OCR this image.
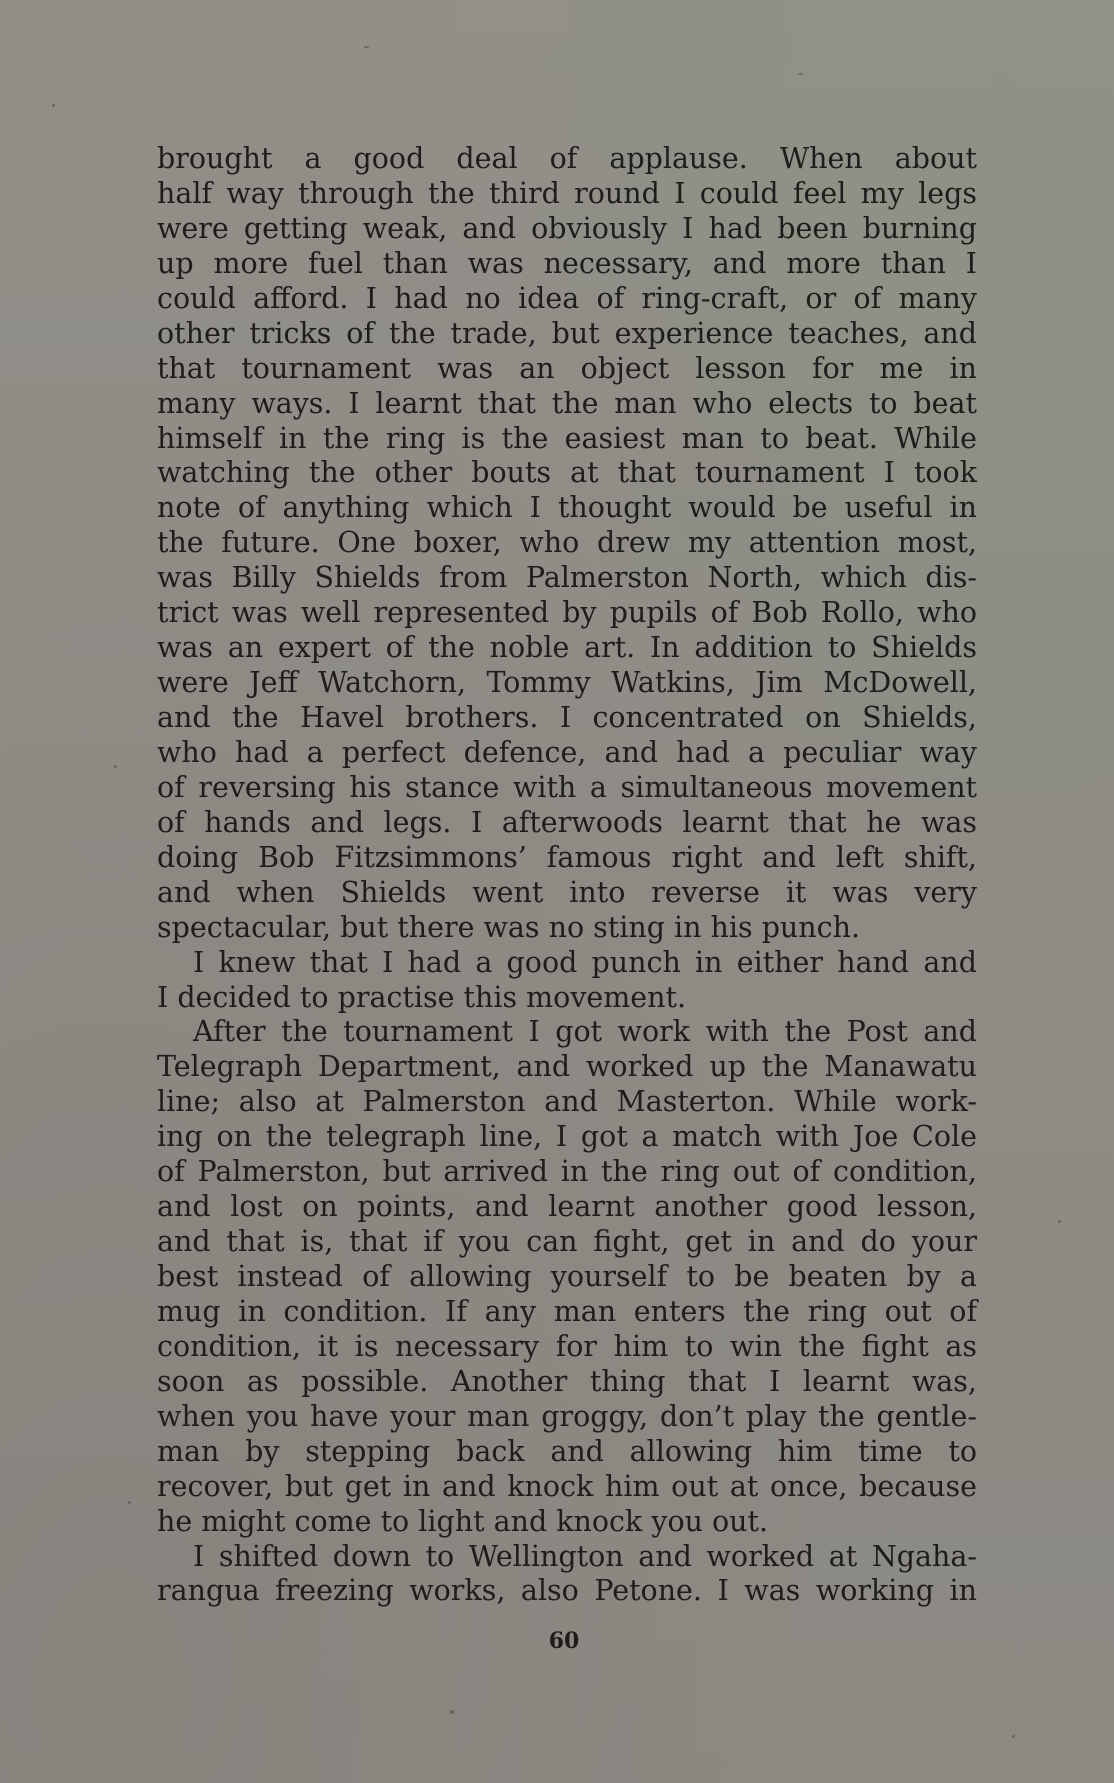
brought a good deal of applause. When about
half way through the third round I could feel my legs
were getting weak, and obviously I had been burning
up more fuel than was necessary, and more than I
could afford. I had no idea of ring-craft, or of many
other tricks of the trade, but experience teaches, and
that tournament was an object lesson for me in
many ways. I learnt that the man who elects to beat
himself in the ring is the easiest man to beat. While
watching the other bouts at that tournament I took
note of anything which I thought would be useful in
the future. One boxer, who drew my attention most,
was Billy Shields from Palmerston North, which dis-
trict was well represented by pupils of Bob Rollo, who
was an expert of the noble art. In addition to Shields
were Jeff Watchorn, Tommy Watkins, Jim McDowell,
and the Havel brothers. I concentrated on Shields,
who had a perfect defence, and had a peculiar way
of reversing his stance with a simultaneous movement
of hands and legs. I afterwoods learnt that he was
doing Bob Fitzsimmons’ famous right and left shift,
and when Shields went into reverse it was very
spectacular, but there was no sting in his punch.
I knew that I had a good punch in either hand and
I decided to practise this movement.
After the tournament I got work with the Post and
Telegraph Department, and worked up the Manawatu
line; also at Palmerston and Masterton. While work-
ing on the telegraph line, I got a match with Joe Cole
of Palmerston, but arrived in the ring out of condition,
and lost on points, and learnt another good lesson,
and that is, that if you can fight, get in and do your
best instead of allowing yourself to be beaten by a
mug in condition. If any man enters the ring out of
condition, it is necessary for him to win the fight as
soon as possible. Another thing that I learnt was,
when you have your man groggy, don’t play the gentle-
man by stepping back and allowing him time to
recover, but get in and knock him out at once, because
he might come to light and knock you out.
I shifted down to Wellington and worked at Ngaha-
rangua freezing works, also Petone. I was working in
60
